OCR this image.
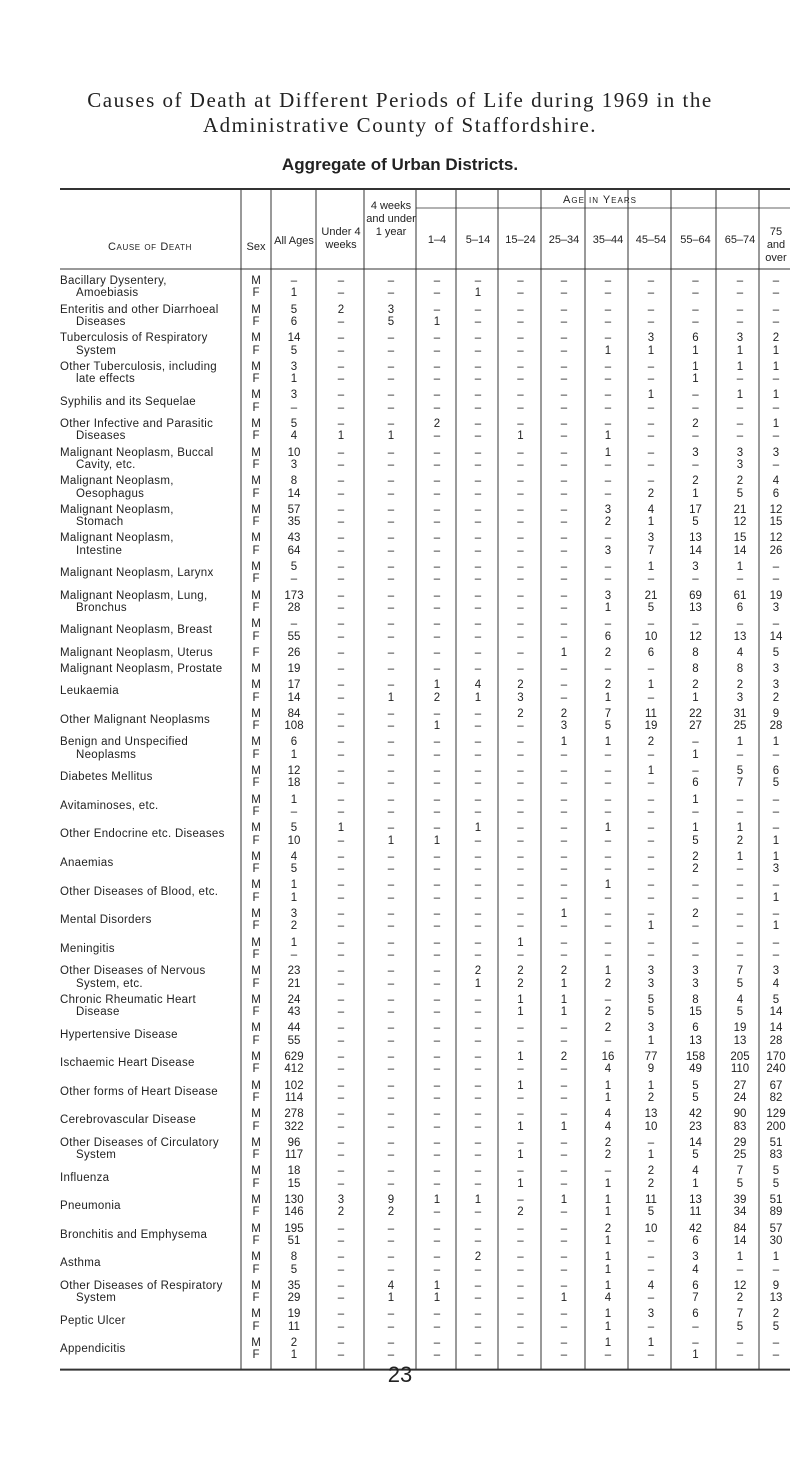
Causes of Death at Different Periods of Life during 1969 in the
Administrative County of Staffordshire.
Aggregate of Urban Districts.
Cause of Death	Sex All Ages
Under 4 weeks
4 weeks and under 1 year
Age in Years
1–4	5–14	15–24	25–34	35–44	45–54	55–64	65–74
75 and over
Bacillary Dysentery,
Amoebiasis
M	–	–	–	–	–	–	–	–	–	–	–	–
F	1	–	–	–	1	–	–	–	–	–	–	–
Enteritis and other Diarrhoeal
Diseases
M	5	2	3	–	–	–	–	–	–	–	–	–
F	6	–	5	1	–	–	–	–	–	–	–	–
Tuberculosis of Respiratory
System
M	14	–	–	–	–	–	–	–	3	6	3	2
F	5	–	–	–	–	–	–	1	1	1	1	1
Other Tuberculosis, including
late effects
M	3	–	–	–	–	–	–	–	–	1	1	1
F	1	–	–	–	–	–	–	–	–	1	–	–
Syphilis and its Sequelae
M	3	–	–	–	–	–	–	–	1	–	1	1
F	–	–	–	–	–	–	–	–	–	–	–	–
Other Infective and Parasitic
Diseases
M	5	–	–	2	–	–	–	–	–	2	–	1
F	4	1	1	–	–	1	–	1	–	–	–	–
Malignant Neoplasm, Buccal
Cavity, etc.
M	10	–	–	–	–	–	–	1	–	3	3	3
F	3	–	–	–	–	–	–	–	–	–	3	–
Malignant Neoplasm,
Oesophagus
M	8	–	–	–	–	–	–	–	–	2	2	4
F	14	–	–	–	–	–	–	–	2	1	5	6
Malignant Neoplasm,
Stomach
M	57	–	–	–	–	–	–	3	4	17	21	12
F	35	–	–	–	–	–	–	2	1	5	12	15
Malignant Neoplasm,
Intestine
M	43	–	–	–	–	–	–	–	3	13	15	12
F	64	–	–	–	–	–	–	3	7	14	14	26
Malignant Neoplasm, Larynx
M	5	–	–	–	–	–	–	–	1	3	1	–
F	–	–	–	–	–	–	–	–	–	–	–	–
Malignant Neoplasm, Lung,
Bronchus
M	173	–	–	–	–	–	–	3	21	69	61	19
F	28	–	–	–	–	–	–	1	5	13	6	3
Malignant Neoplasm, Breast
M	–	–	–	–	–	–	–	–	–	–	–	–
F	55	–	–	–	–	–	–	6	10	12	13	14
Malignant Neoplasm, Uterus	F	26	–	–	–	–	–	1	2	6	8	4	5
Malignant Neoplasm, Prostate	M	19	–	–	–	–	–	–	–	–	8	8	3
Leukaemia
M	17	–	–	1	4	2	–	2	1	2	2	3
F	14	–	1	2	1	3	–	1	–	1	3	2
Other Malignant Neoplasms
M	84	–	–	–	–	2	2	7	11	22	31	9
F	108	–	–	1	–	–	3	5	19	27	25	28
Benign and Unspecified
Neoplasms
M	6	–	–	–	–	–	1	1	2	–	1	1
F	1	–	–	–	–	–	–	–	–	1	–	–
Diabetes Mellitus
M	12	–	–	–	–	–	–	–	1	–	5	6
F	18	–	–	–	–	–	–	–	–	6	7	5
Avitaminoses, etc.
M	1	–	–	–	–	–	–	–	–	1	–	–
F	–	–	–	–	–	–	–	–	–	–	–	–
Other Endocrine etc. Diseases
M	5	1	–	–	1	–	–	1	–	1	1	–
F	10	–	1	1	–	–	–	–	–	5	2	1
Anaemias
M	4	–	–	–	–	–	–	–	–	2	1	1
F	5	–	–	–	–	–	–	–	–	2	–	3
Other Diseases of Blood, etc.
M	1	–	–	–	–	–	–	1	–	–	–	–
F	1	–	–	–	–	–	–	–	–	–	–	1
Mental Disorders
M	3	–	–	–	–	–	1	–	–	2	–	–
F	2	–	–	–	–	–	–	–	1	–	–	1
Meningitis
M	1	–	–	–	–	1	–	–	–	–	–	–
F	–	–	–	–	–	–	–	–	–	–	–	–
Other Diseases of Nervous
System, etc.
M	23	–	–	–	2	2	2	1	3	3	7	3
F	21	–	–	–	1	2	1	2	3	3	5	4
Chronic Rheumatic Heart
Disease
M	24	–	–	–	–	1	1	–	5	8	4	5
F	43	–	–	–	–	1	1	2	5	15	5	14
Hypertensive Disease
M	44	–	–	–	–	–	–	2	3	6	19	14
F	55	–	–	–	–	–	–	–	1	13	13	28
Ischaemic Heart Disease
M	629	–	–	–	–	1	2	16	77	158	205	170
F	412	–	–	–	–	–	–	4	9	49	110	240
Other forms of Heart Disease
M	102	–	–	–	–	1	–	1	1	5	27	67
F	114	–	–	–	–	–	–	1	2	5	24	82
Cerebrovascular Disease
M	278	–	–	–	–	–	–	4	13	42	90	129
F	322	–	–	–	–	1	1	4	10	23	83	200
Other Diseases of Circulatory
System
M	96	–	–	–	–	–	–	2	–	14	29	51
F	117	–	–	–	–	1	–	2	1	5	25	83
Influenza
M	18	–	–	–	–	–	–	–	2	4	7	5
F	15	–	–	–	–	1	–	1	2	1	5	5
Pneumonia
M	130	3	9	1	1	–	1	1	11	13	39	51
F	146	2	2	–	–	2	–	1	5	11	34	89
Bronchitis and Emphysema
M	195	–	–	–	–	–	–	2	10	42	84	57
F	51	–	–	–	–	–	–	1	–	6	14	30
Asthma
M	8	–	–	–	2	–	–	1	–	3	1	1
F	5	–	–	–	–	–	–	1	–	4	–	–
Other Diseases of Respiratory
System
M	35	–	4	1	–	–	–	1	4	6	12	9
F	29	–	1	1	–	–	1	4	–	7	2	13
Peptic Ulcer
M	19	–	–	–	–	–	–	1	3	6	7	2
F	11	–	–	–	–	–	–	1	–	–	5	5
Appendicitis
M	2	–	–	–	–	–	–	1	1	–	–	–
F	1	–	–	–	–	–	–	–	–	1	–	–
23
